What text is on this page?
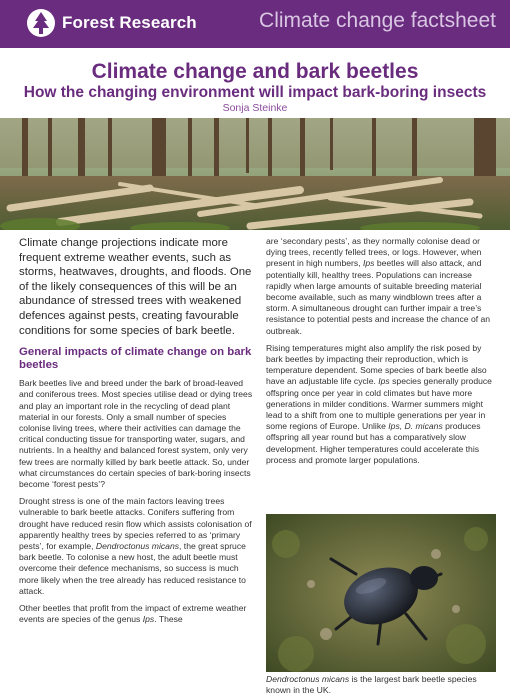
Forest Research	Climate change factsheet
Climate change and bark beetles
How the changing environment will impact bark-boring insects
Sonja Steinke

Climate change projections indicate more frequent extreme weather events, such as storms, heatwaves, droughts, and floods. One of the likely consequences of this will be an abundance of stressed trees with weakened defences against pests, creating favourable conditions for some species of bark beetle.

General impacts of climate change on bark beetles

Bark beetles live and breed under the bark of broad-leaved and coniferous trees. Most species utilise dead or dying trees and play an important role in the recycling of dead plant material in our forests. Only a small number of species colonise living trees, where their activities can damage the critical conducting tissue for transporting water, sugars, and nutrients. In a healthy and balanced forest system, only very few trees are normally killed by bark beetle attack. So, under what circumstances do certain species of bark-boring insects become ‘forest pests’?

Drought stress is one of the main factors leaving trees vulnerable to bark beetle attacks. Conifers suffering from drought have reduced resin flow which assists colonisation of apparently healthy trees by species referred to as ‘primary pests’, for example, Dendroctonus micans, the great spruce bark beetle. To colonise a new host, the adult beetle must overcome their defence mechanisms, so success is much more likely when the tree already has reduced resistance to attack.

Other beetles that profit from the impact of extreme weather events are species of the genus Ips. These

are ‘secondary pests’, as they normally colonise dead or dying trees, recently felled trees, or logs. However, when present in high numbers, Ips beetles will also attack, and potentially kill, healthy trees. Populations can increase rapidly when large amounts of suitable breeding material become available, such as many windblown trees after a storm. A simultaneous drought can further impair a tree’s resistance to potential pests and increase the chance of an outbreak.

Rising temperatures might also amplify the risk posed by bark beetles by impacting their reproduction, which is temperature dependent. Some species of bark beetle also have an adjustable life cycle. Ips species generally produce offspring once per year in cold climates but have more generations in milder conditions. Warmer summers might lead to a shift from one to multiple generations per year in some regions of Europe. Unlike Ips, D. micans produces offspring all year round but has a comparatively slow development. Higher temperatures could accelerate this process and promote larger populations.

Dendroctonus micans is the largest bark beetle species known in the UK.
